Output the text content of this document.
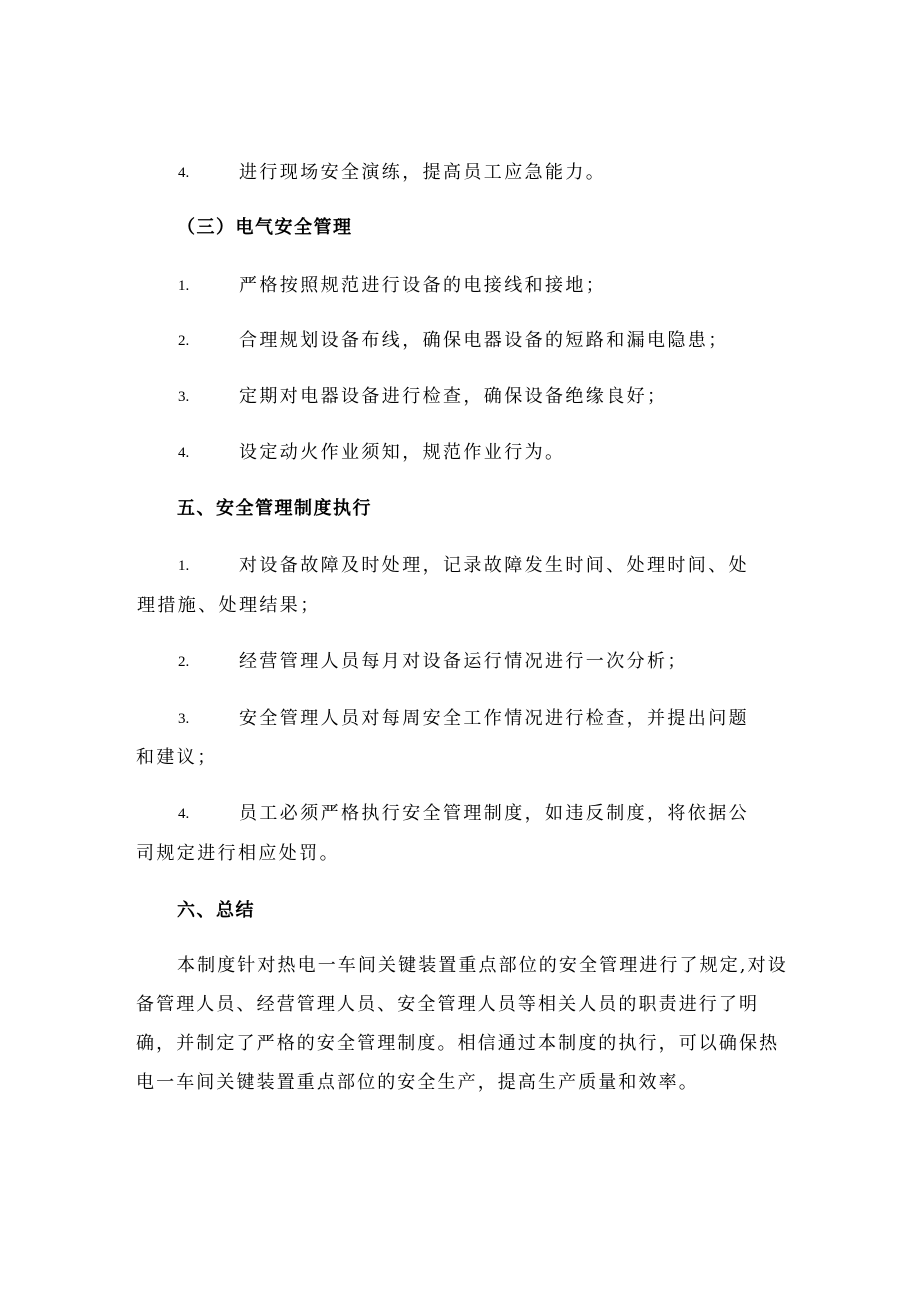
4.	进行现场安全演练，提高员工应急能力。
（三）电气安全管理
1.	严格按照规范进行设备的电接线和接地；
2.	合理规划设备布线，确保电器设备的短路和漏电隐患；
3.	定期对电器设备进行检查，确保设备绝缘良好；
4.	设定动火作业须知，规范作业行为。
五、安全管理制度执行
1.	对设备故障及时处理，记录故障发生时间、处理时间、处
理措施、处理结果；
2.	经营管理人员每月对设备运行情况进行一次分析；
3.	安全管理人员对每周安全工作情况进行检查，并提出问题
和建议；
4.	员工必须严格执行安全管理制度，如违反制度，将依据公
司规定进行相应处罚。
六、总结
本制度针对热电一车间关键装置重点部位的安全管理进行了规定,对设
备管理人员、经营管理人员、安全管理人员等相关人员的职责进行了明
确，并制定了严格的安全管理制度。相信通过本制度的执行，可以确保热
电一车间关键装置重点部位的安全生产，提高生产质量和效率。
